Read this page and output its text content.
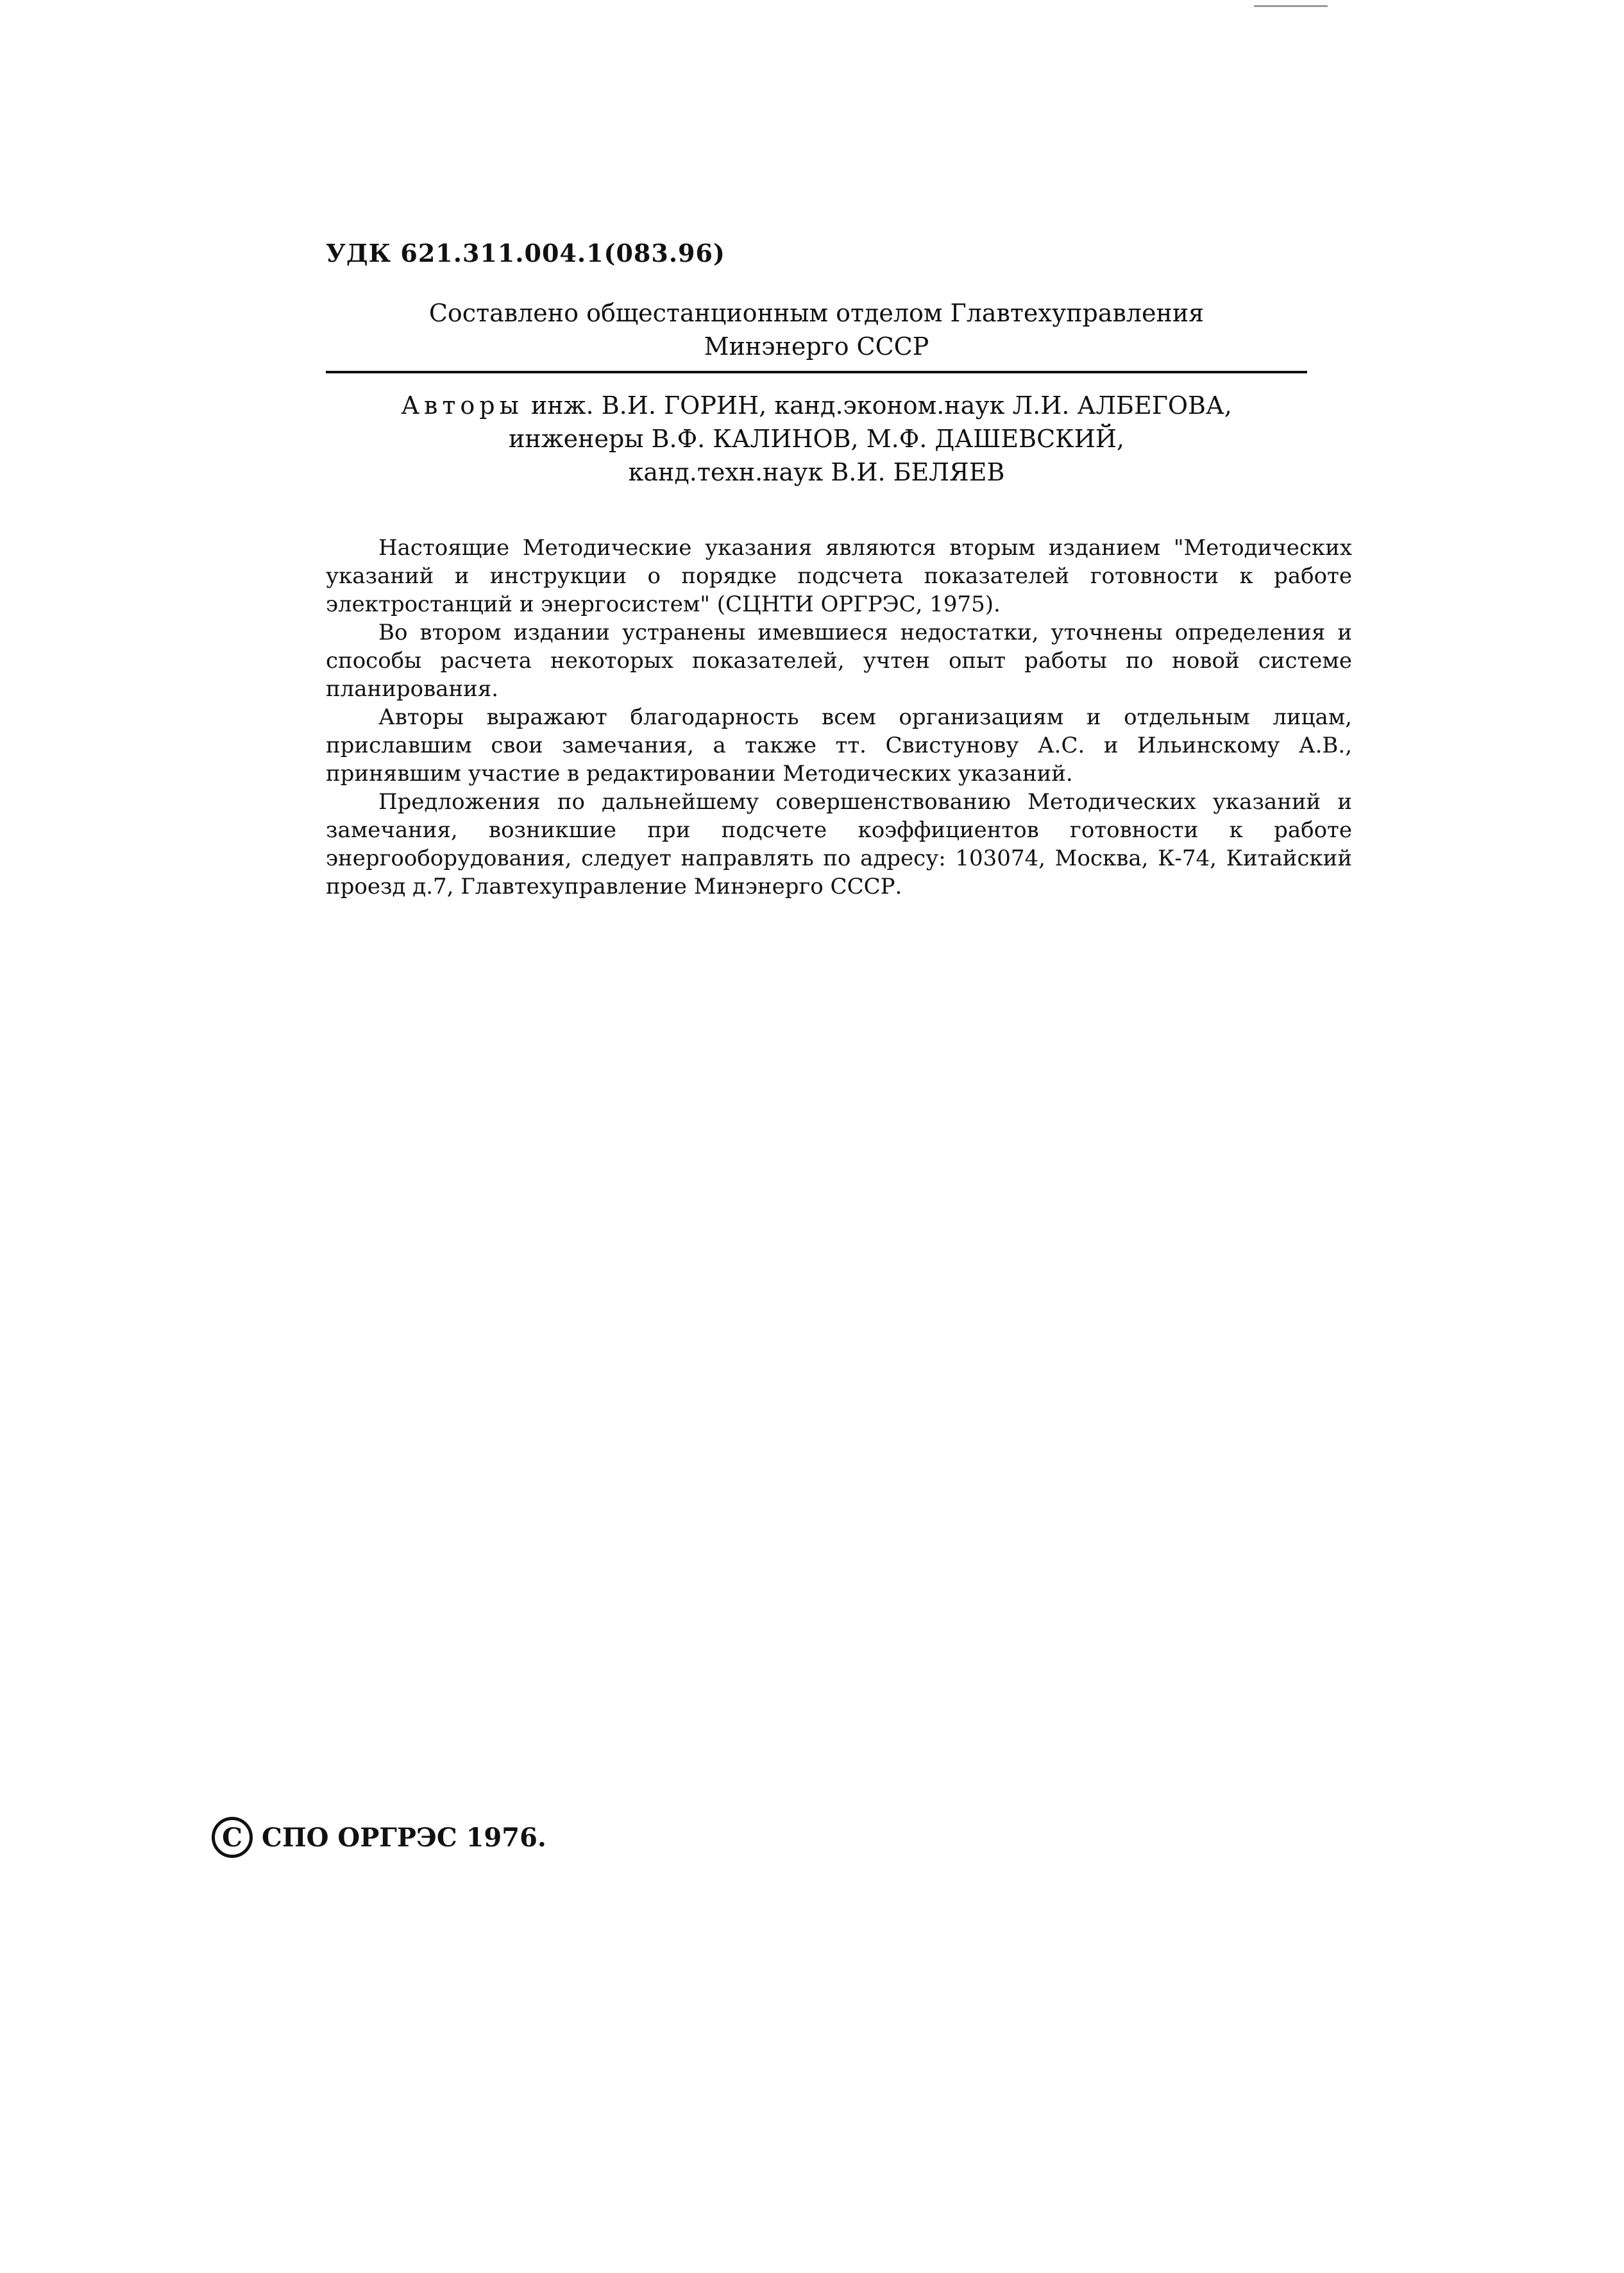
УДК 621.311.004.1(083.96)
Составлено общестанционным отделом Главтехуправления
Минэнерго СССР
Авторы инж. В.И. ГОРИН, канд.эконом.наук Л.И. АЛБЕГОВА,
инженеры В.Ф. КАЛИНОВ, М.Ф. ДАШЕВСКИЙ,
канд.техн.наук В.И. БЕЛЯЕВ

Настоящие Методические указания являются вторым изданием "Методических указаний и инструкции о порядке подсчета показателей готовности к работе электростанций и энергосистем" (СЦНТИ ОРГРЭС, 1975).

Во втором издании устранены имевшиеся недостатки, уточнены определения и способы расчета некоторых показателей, учтен опыт работы по новой системе планирования.

Авторы выражают благодарность всем организациям и отдельным лицам, приславшим свои замечания, а также тт. Свистунову А.С. и Ильинскому А.В., принявшим участие в редактировании Методических указаний.

Предложения по дальнейшему совершенствованию Методических указаний и замечания, возникшие при подсчете коэффициентов готовности к работе энергооборудования, следует направлять по адресу: 103074, Москва, К-74, Китайский проезд д.7, Главтехуправление Минэнерго СССР.

С СПО ОРГРЭС 1976.
